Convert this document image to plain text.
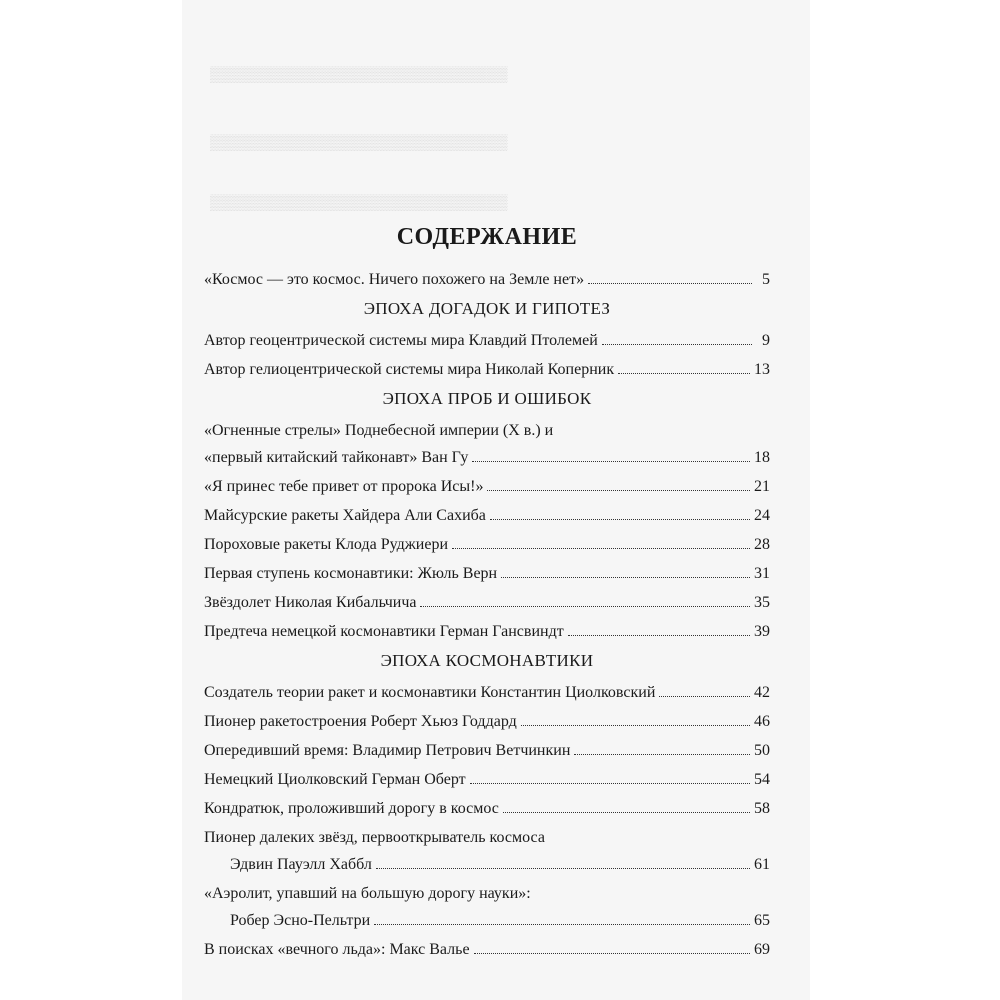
▒▒▒▒▒▒▒▒▒▒▒▒▒▒▒▒▒▒▒▒▒▒▒▒▒▒▒▒
▒▒▒▒▒▒▒▒▒▒▒▒▒▒▒▒▒▒▒▒▒▒▒▒▒▒▒▒
▒▒▒▒▒▒▒▒▒▒▒▒▒▒▒▒▒▒▒▒▒▒▒▒▒▒▒▒
СОДЕРЖАНИЕ
«Космос — это космос. Ничего похожего на Земле нет»	5
ЭПОХА ДОГАДОК И ГИПОТЕЗ
Автор геоцентрической системы мира Клавдий Птолемей	9
Автор гелиоцентрической системы мира Николай Коперник	13
ЭПОХА ПРОБ И ОШИБОК
«Огненные стрелы» Поднебесной империи (X в.) и
«первый китайский тайконавт» Ван Гу	18
«Я принес тебе привет от пророка Исы!»	21
Майсурские ракеты Хайдера Али Сахиба	24
Пороховые ракеты Клода Руджиери	28
Первая ступень космонавтики: Жюль Верн	31
Звёздолет Николая Кибальчича	35
Предтеча немецкой космонавтики Герман Гансвиндт	39
ЭПОХА КОСМОНАВТИКИ
Создатель теории ракет и космонавтики Константин Циолковский	42
Пионер ракетостроения Роберт Хьюз Годдард	46
Опередивший время: Владимир Петрович Ветчинкин	50
Немецкий Циолковский Герман Оберт	54
Кондратюк, проложивший дорогу в космос	58
Пионер далеких звёзд, первооткрыватель космоса
Эдвин Пауэлл Хаббл	61
«Аэролит, упавший на большую дорогу науки»:
Робер Эсно-Пельтри	65
В поисках «вечного льда»: Макс Валье	69
